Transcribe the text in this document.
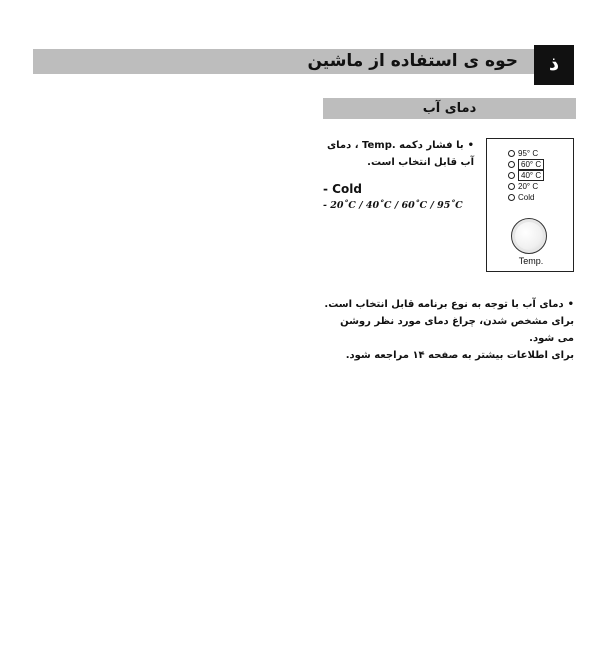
حوه ی استفاده از ماشین	ذ
دمای آب
•با فشار دکمه .Temp ، دمای
آب قابل انتخاب است.
- Cold
- 20˚C / 40˚C / 60˚C / 95˚C
95° C
60° C
40° C
20° C
Cold
Temp.
•دمای آب با توجه به نوع برنامه قابل انتخاب است.
برای مشخص شدن، چراغ دمای مورد نظر روشن
می شود.
برای اطلاعات بیشتر به صفحه ۱۴ مراجعه شود.
